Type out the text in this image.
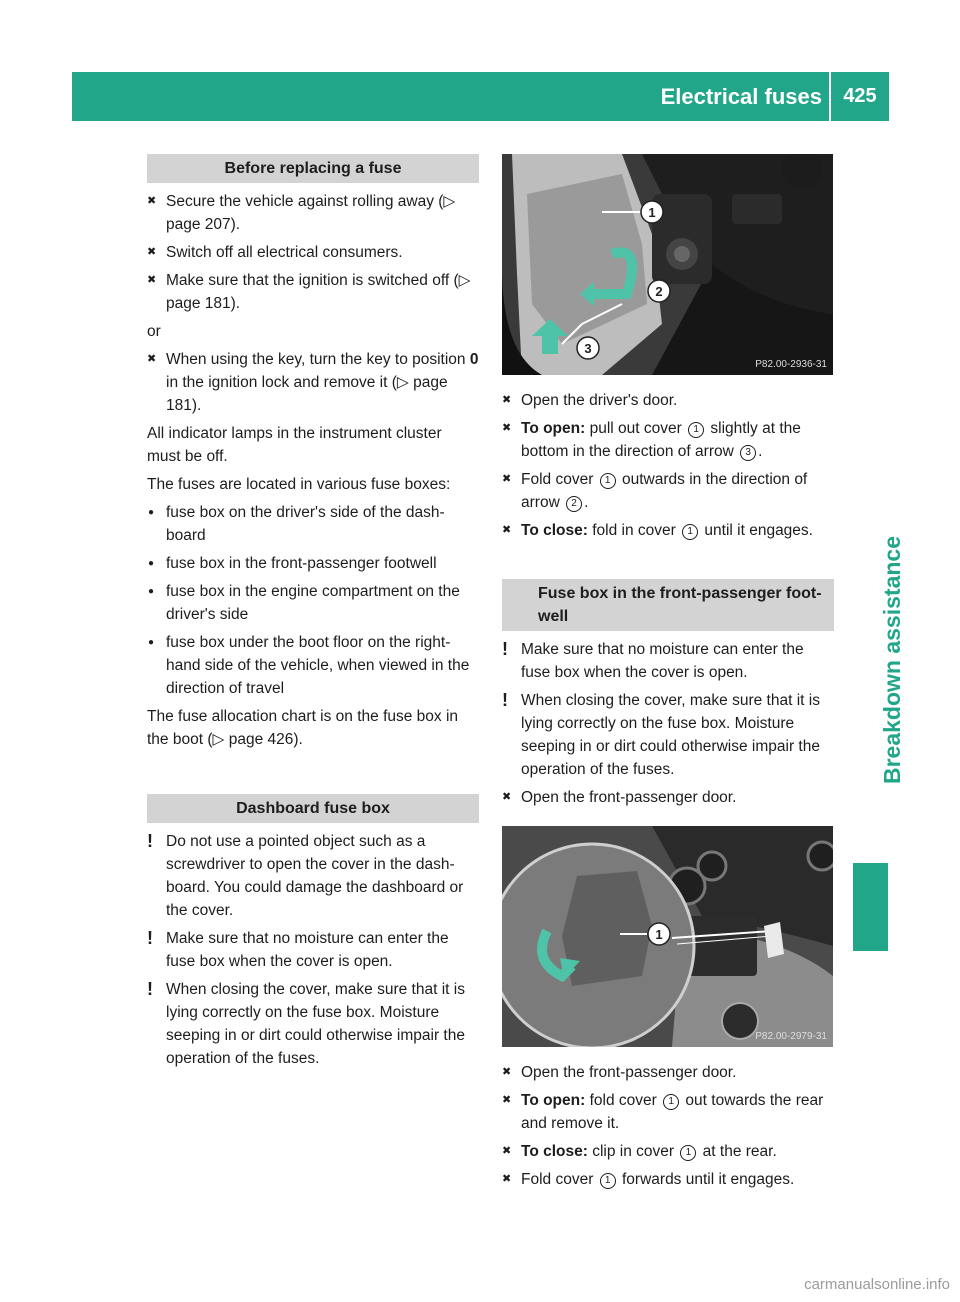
Electrical fuses	425
Breakdown assistance
Before replacing a fuse
✖ Secure the vehicle against rolling away (▷ page 207).
✖ Switch off all electrical consumers.
✖ Make sure that the ignition is switched off (▷ page 181).
or
✖ When using the key, turn the key to position 0 in the ignition lock and remove it (▷ page 181).
All indicator lamps in the instrument cluster must be off.
The fuses are located in various fuse boxes:
● fuse box on the driver's side of the dash-board
● fuse box in the front-passenger footwell
● fuse box in the engine compartment on the driver's side
● fuse box under the boot floor on the right-hand side of the vehicle, when viewed in the direction of travel
The fuse allocation chart is on the fuse box in the boot (▷ page 426).
Dashboard fuse box
! Do not use a pointed object such as a screwdriver to open the cover in the dash-board. You could damage the dashboard or the cover.
! Make sure that no moisture can enter the fuse box when the cover is open.
! When closing the cover, make sure that it is lying correctly on the fuse box. Moisture seeping in or dirt could otherwise impair the operation of the fuses.
1
2
3
P82.00-2936-31
✖ Open the driver's door.
✖ To open: pull out cover 1 slightly at the bottom in the direction of arrow 3 .
✖ Fold cover 1 outwards in the direction of arrow 2 .
✖ To close: fold in cover 1 until it engages.
Fuse box in the front-passenger foot-well
! Make sure that no moisture can enter the fuse box when the cover is open.
! When closing the cover, make sure that it is lying correctly on the fuse box. Moisture seeping in or dirt could otherwise impair the operation of the fuses.
✖ Open the front-passenger door.
1
P82.00-2979-31
✖ Open the front-passenger door.
✖ To open: fold cover 1 out towards the rear and remove it.
✖ To close: clip in cover 1 at the rear.
✖ Fold cover 1 forwards until it engages.
carmanualsonline.info
